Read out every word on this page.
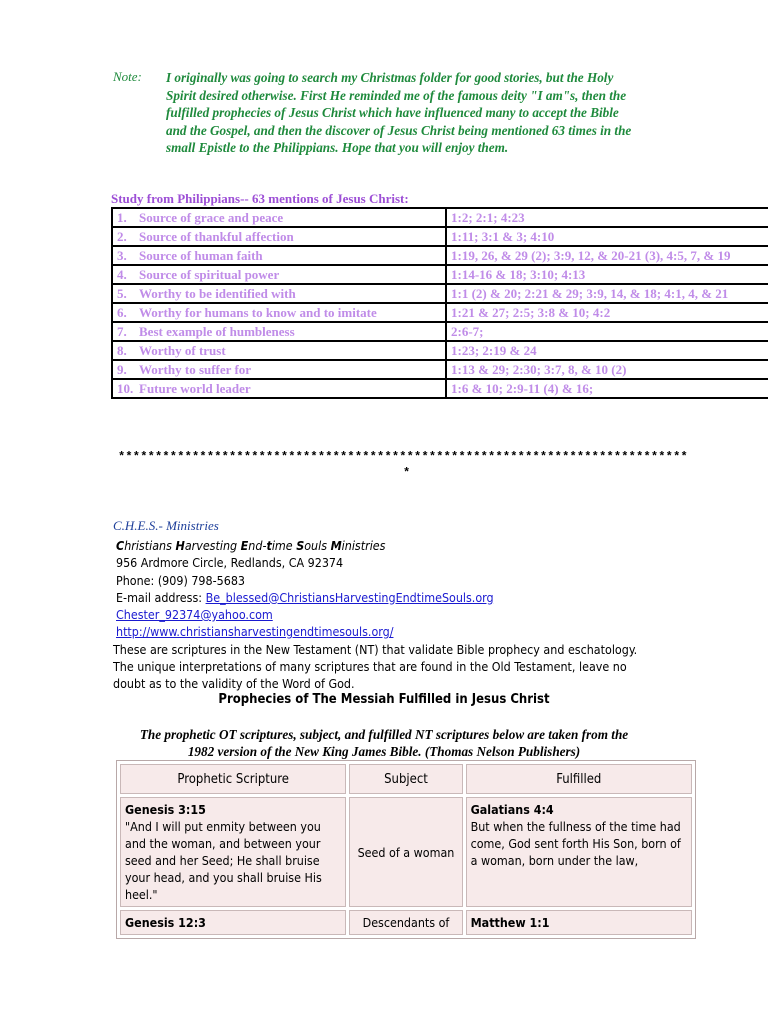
Note: I originally was going to search my Christmas folder for good stories, but the Holy
Spirit desired otherwise. First He reminded me of the famous deity "I am"s, then the
fulfilled prophecies of Jesus Christ which have influenced many to accept the Bible
and the Gospel, and then the discover of Jesus Christ being mentioned 63 times in the
small Epistle to the Philippians. Hope that you will enjoy them.
Study from Philippians-- 63 mentions of Jesus Christ:
1. Source of grace and peace	1:2; 2:1; 4:23
2. Source of thankful affection	1:11; 3:1 & 3; 4:10
3. Source of human faith	1:19, 26, & 29 (2); 3:9, 12, & 20-21 (3), 4:5, 7, & 19
4. Source of spiritual power	1:14-16 & 18; 3:10; 4:13
5. Worthy to be identified with	1:1 (2) & 20; 2:21 & 29; 3:9, 14, & 18; 4:1, 4, & 21
6. Worthy for humans to know and to imitate	1:21 & 27; 2:5; 3:8 & 10; 4:2
7. Best example of humbleness	2:6-7;
8. Worthy of trust	1:23; 2:19 & 24
9. Worthy to suffer for	1:13 & 29; 2:30; 3:7, 8, & 10 (2)
10. Future world leader	1:6 & 10; 2:9-11 (4) & 16;
*****************************************************************************
*
C.H.E.S.- Ministries
Christians Harvesting End-time Souls Ministries
956 Ardmore Circle, Redlands, CA 92374
Phone: (909) 798-5683
E-mail address: Be_blessed@ChristiansHarvestingEndtimeSouls.org
Chester_92374@yahoo.com
http://www.christiansharvestingendtimesouls.org/
These are scriptures in the New Testament (NT) that validate Bible prophecy and eschatology.
The unique interpretations of many scriptures that are found in the Old Testament, leave no
doubt as to the validity of the Word of God.
Prophecies of The Messiah Fulfilled in Jesus Christ
The prophetic OT scriptures, subject, and fulfilled NT scriptures below are taken from the
1982 version of the New King James Bible. (Thomas Nelson Publishers)
Prophetic Scripture	Subject	Fulfilled

Genesis 3:15
"And I will put enmity between you and the woman, and between your seed and her Seed; He shall bruise your head, and you shall bruise His heel."	Seed of a woman	Galatians 4:4
But when the fullness of the time had come, God sent forth His Son, born of a woman, born under the law,

Genesis 12:3	Descendants of	Matthew 1:1
